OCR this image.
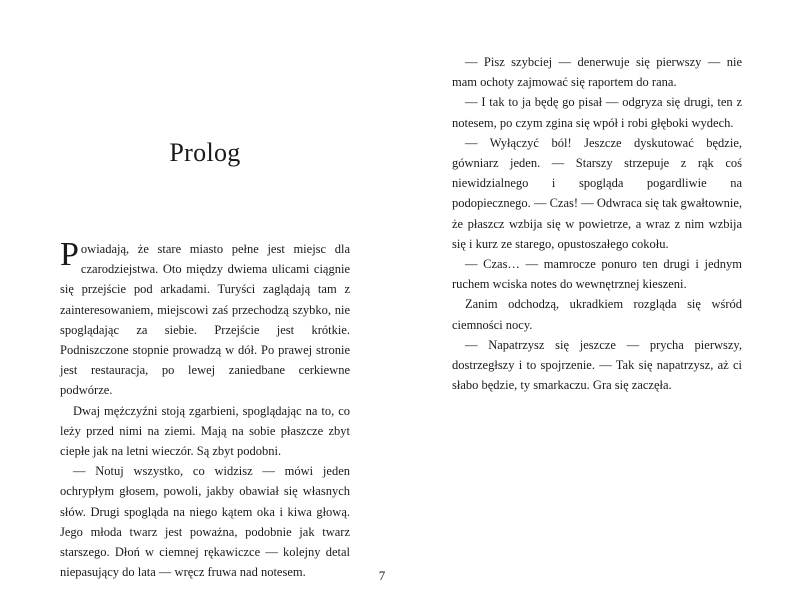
Prolog

Powiadają, że stare miasto pełne jest miejsc dla czarodziejstwa. Oto między dwiema ulicami ciągnie się przejście pod arkadami. Turyści zaglądają tam z zainteresowaniem, miejscowi zaś przechodzą szybko, nie spoglądając za siebie. Przejście jest krótkie. Podniszczone stopnie prowadzą w dół. Po prawej stronie jest restauracja, po lewej zaniedbane cerkiewne podwórze.

Dwaj mężczyźni stoją zgarbieni, spoglądając na to, co leży przed nimi na ziemi. Mają na sobie płaszcze zbyt ciepłe jak na letni wieczór. Są zbyt podobni.

— Notuj wszystko, co widzisz — mówi jeden ochrypłym głosem, powoli, jakby obawiał się własnych słów. Drugi spogląda na niego kątem oka i kiwa głową. Jego młoda twarz jest poważna, podobnie jak twarz starszego. Dłoń w ciemnej rękawiczce — kolejny detal niepasujący do lata — wręcz fruwa nad notesem.

— Pisz szybciej — denerwuje się pierwszy — nie mam ochoty zajmować się raportem do rana.

— I tak to ja będę go pisał — odgryza się drugi, ten z notesem, po czym zgina się wpół i robi głęboki wydech.

— Wyłączyć ból! Jeszcze dyskutować będzie, gówniarz jeden. — Starszy strzepuje z rąk coś niewidzialnego i spogląda pogardliwie na podopiecznego. — Czas! — Odwraca się tak gwałtownie, że płaszcz wzbija się w powietrze, a wraz z nim wzbija się i kurz ze starego, opustoszałego cokołu.

— Czas… — mamrocze ponuro ten drugi i jednym ruchem wciska notes do wewnętrznej kieszeni.

Zanim odchodzą, ukradkiem rozgląda się wśród ciemności nocy.

— Napatrzysz się jeszcze — prycha pierwszy, dostrzegłszy i to spojrzenie. — Tak się napatrzysz, aż ci słabo będzie, ty smarkaczu. Gra się zaczęła.

7
